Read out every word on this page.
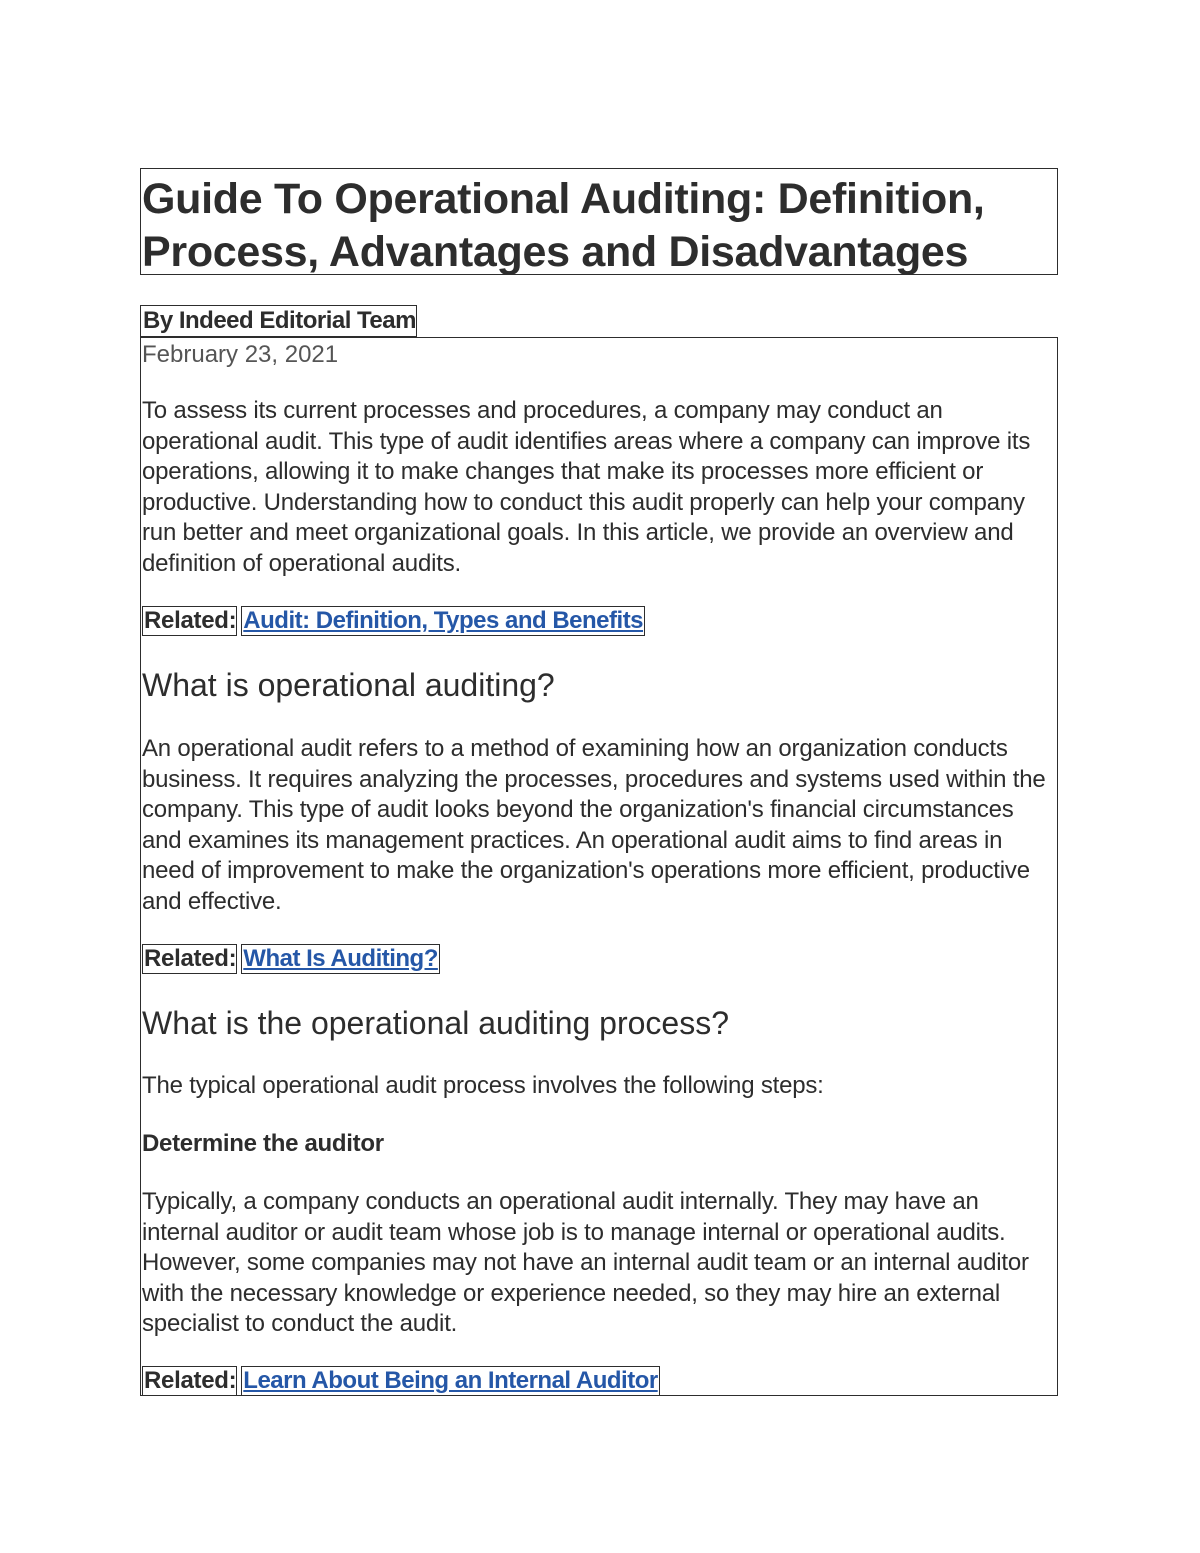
Guide To Operational Auditing: Definition, Process, Advantages and Disadvantages
By Indeed Editorial Team
February 23, 2021

To assess its current processes and procedures, a company may conduct an operational audit. This type of audit identifies areas where a company can improve its operations, allowing it to make changes that make its processes more efficient or productive. Understanding how to conduct this audit properly can help your company run better and meet organizational goals. In this article, we provide an overview and definition of operational audits.

Related: Audit: Definition, Types and Benefits
What is operational auditing?

An operational audit refers to a method of examining how an organization conducts business. It requires analyzing the processes, procedures and systems used within the company. This type of audit looks beyond the organization's financial circumstances and examines its management practices. An operational audit aims to find areas in need of improvement to make the organization's operations more efficient, productive and effective.

Related: What Is Auditing?
What is the operational auditing process?

The typical operational audit process involves the following steps:

Determine the auditor

Typically, a company conducts an operational audit internally. They may have an internal auditor or audit team whose job is to manage internal or operational audits. However, some companies may not have an internal audit team or an internal auditor with the necessary knowledge or experience needed, so they may hire an external specialist to conduct the audit.

Related: Learn About Being an Internal Auditor
